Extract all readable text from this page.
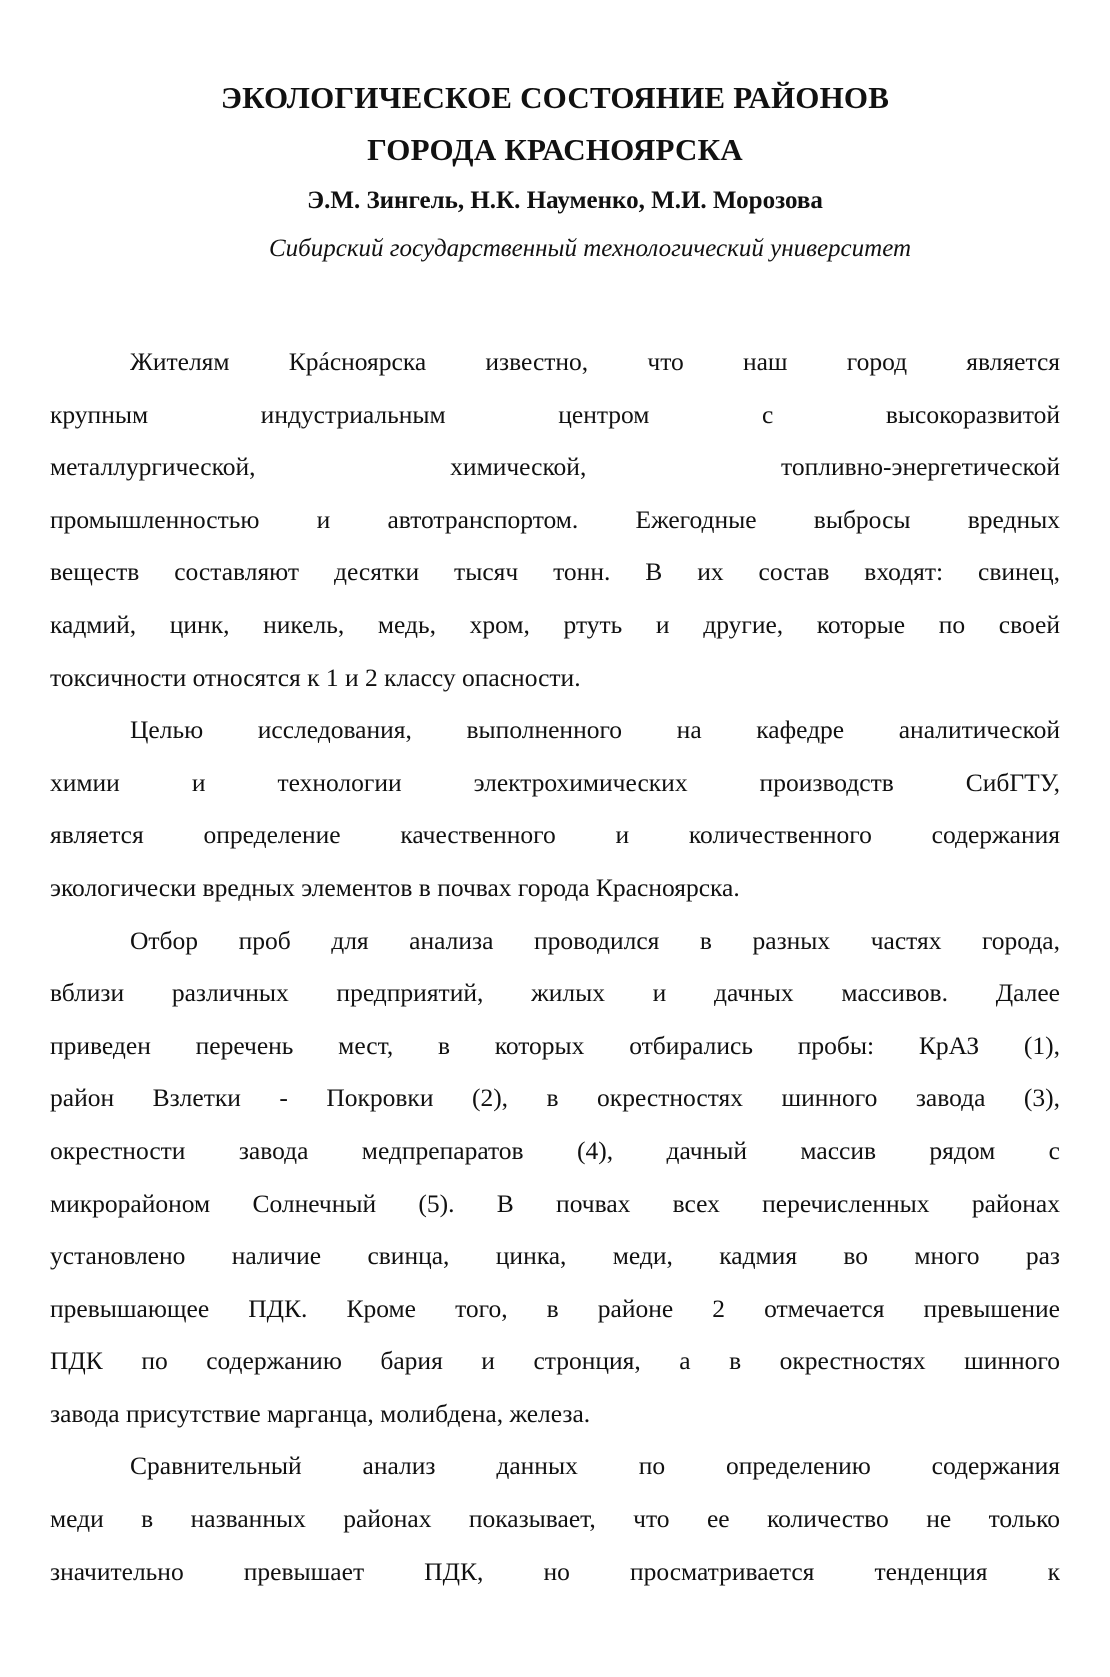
ЭКОЛОГИЧЕСКОЕ СОСТОЯНИЕ РАЙОНОВ
ГОРОДА КРАСНОЯРСКА
Э.М. Зингель, Н.К. Науменко, М.И. Морозова
Сибирский государственный технологический университет
Жителям Крáсноярска известно, что наш город является
крупным индустриальным центром с высокоразвитой
металлургической, химической, топливно-энергетической
промышленностью и автотранспортом. Ежегодные выбросы вредных
веществ составляют десятки тысяч тонн. В их состав входят: свинец,
кадмий, цинк, никель, медь, хром, ртуть и другие, которые по своей
токсичности относятся к 1 и 2 классу опасности.
Целью исследования, выполненного на кафедре аналитической
химии и технологии электрохимических производств СибГТУ,
является определение качественного и количественного содержания
экологически вредных элементов в почвах города Красноярска.
Отбор проб для анализа проводился в разных частях города,
вблизи различных предприятий, жилых и дачных массивов. Далее
приведен перечень мест, в которых отбирались пробы: КрАЗ (1),
район Взлетки - Покровки (2), в окрестностях шинного завода (3),
окрестности завода медпрепаратов (4), дачный массив рядом с
микрорайоном Солнечный (5). В почвах всех перечисленных районах
установлено наличие свинца, цинка, меди, кадмия во много раз
превышающее ПДК. Кроме того, в районе 2 отмечается превышение
ПДК по содержанию бария и стронция, а в окрестностях шинного
завода присутствие марганца, молибдена, железа.
Сравнительный анализ данных по определению содержания
меди в названных районах показывает, что ее количество не только
значительно превышает ПДК, но просматривается тенденция к
